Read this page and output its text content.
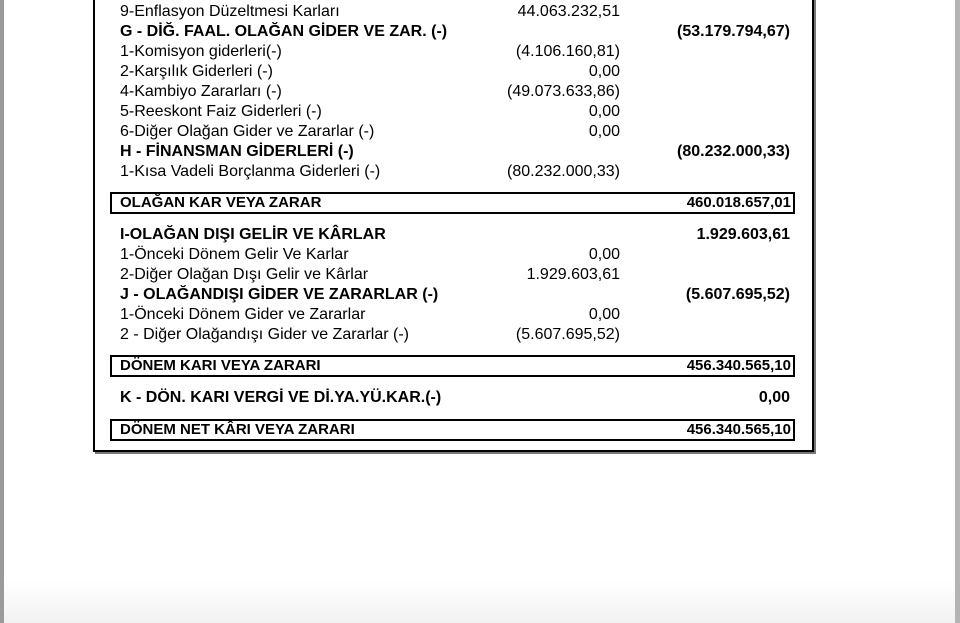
9-Enflasyon Düzeltmesi Karları	44.063.232,51
G - DİĞ. FAAL. OLAĞAN GİDER VE ZAR. (-)	(53.179.794,67)
1-Komisyon giderleri(-)	(4.106.160,81)
2-Karşılık Giderleri (-)	0,00
4-Kambiyo Zararları (-)	(49.073.633,86)
5-Reeskont Faiz Giderleri (-)	0,00
6-Diğer Olağan Gider ve Zararlar (-)	0,00
H - FİNANSMAN GİDERLERİ (-)	(80.232.000,33)
1-Kısa Vadeli Borçlanma Giderleri (-)	(80.232.000,33)
OLAĞAN KAR VEYA ZARAR	460.018.657,01
I-OLAĞAN DIŞI GELİR VE KÂRLAR	1.929.603,61
1-Önceki Dönem Gelir Ve Karlar	0,00
2-Diğer Olağan Dışı Gelir ve Kârlar	1.929.603,61
J - OLAĞANDIŞI GİDER VE ZARARLAR (-)	(5.607.695,52)
1-Önceki Dönem Gider ve Zararlar	0,00
2 - Diğer Olağandışı Gider ve Zararlar (-)	(5.607.695,52)
DÖNEM KARI VEYA ZARARI	456.340.565,10
K - DÖN. KARI VERGİ VE Dİ.YA.YÜ.KAR.(-)	0,00
DÖNEM NET KÂRI VEYA ZARARI	456.340.565,10
